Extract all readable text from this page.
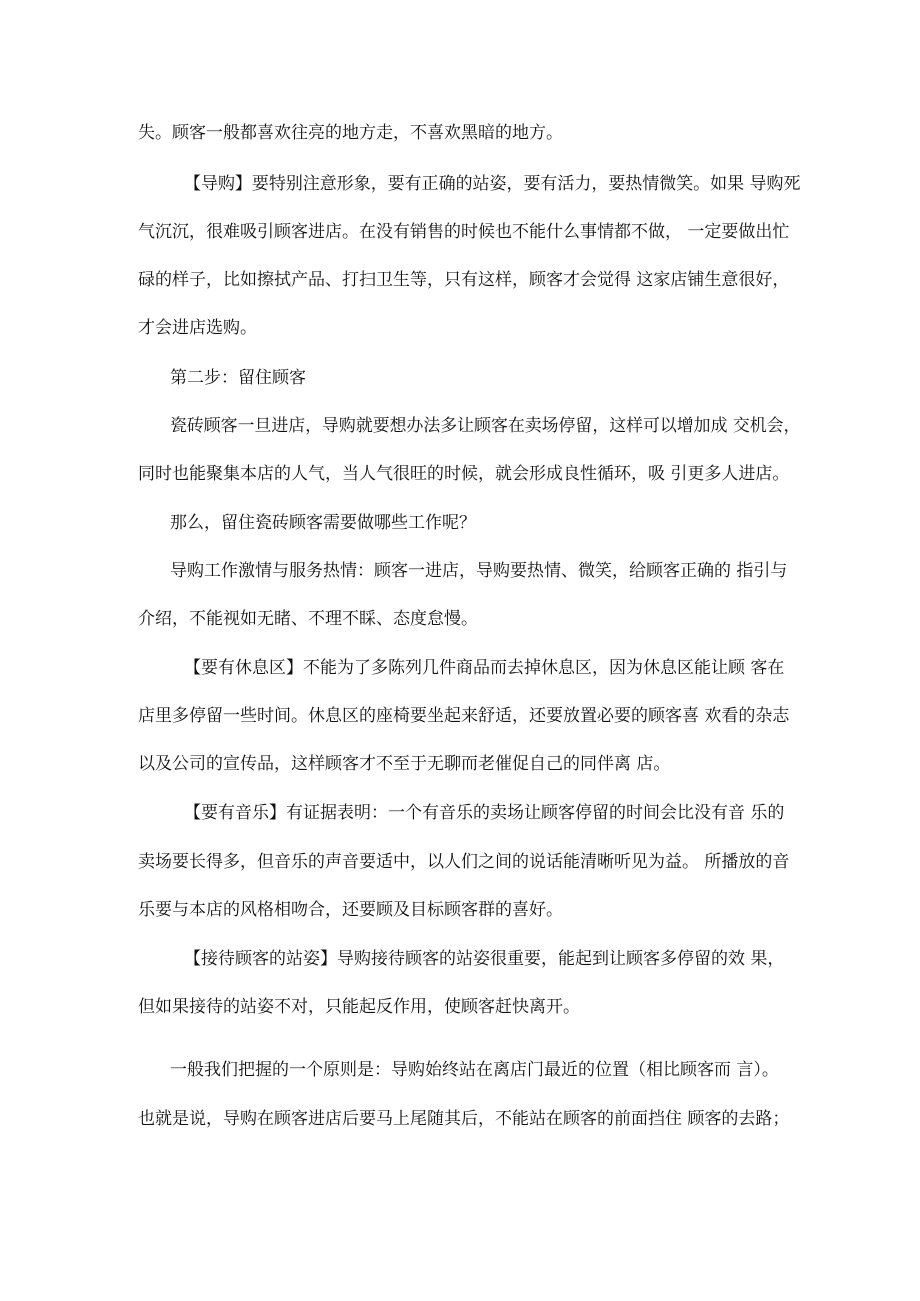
失。顾客一般都喜欢往亮的地方走，不喜欢黑暗的地方。
【导购】要特别注意形象，要有正确的站姿，要有活力，要热情微笑。如果 导购死
气沉沉，很难吸引顾客进店。在没有销售的时候也不能什么事情都不做， 一定要做出忙
碌的样子，比如擦拭产品、打扫卫生等，只有这样，顾客才会觉得 这家店铺生意很好，
才会进店选购。
第二步：留住顾客
瓷砖顾客一旦进店，导购就要想办法多让顾客在卖场停留，这样可以增加成 交机会，
同时也能聚集本店的人气，当人气很旺的时候，就会形成良性循环，吸 引更多人进店。
那么，留住瓷砖顾客需要做哪些工作呢？
导购工作激情与服务热情：顾客一进店，导购要热情、微笑，给顾客正确的 指引与
介绍，不能视如无睹、不理不睬、态度怠慢。
【要有休息区】不能为了多陈列几件商品而去掉休息区，因为休息区能让顾 客在
店里多停留一些时间。休息区的座椅要坐起来舒适，还要放置必要的顾客喜 欢看的杂志
以及公司的宣传品，这样顾客才不至于无聊而老催促自己的同伴离 店。
【要有音乐】有证据表明：一个有音乐的卖场让顾客停留的时间会比没有音 乐的
卖场要长得多，但音乐的声音要适中，以人们之间的说话能清晰听见为益。 所播放的音
乐要与本店的风格相吻合，还要顾及目标顾客群的喜好。
【接待顾客的站姿】导购接待顾客的站姿很重要，能起到让顾客多停留的效 果，
但如果接待的站姿不对，只能起反作用，使顾客赶快离开。
一般我们把握的一个原则是：导购始终站在离店门最近的位置（相比顾客而 言）。
也就是说，导购在顾客进店后要马上尾随其后，不能站在顾客的前面挡住 顾客的去路；
